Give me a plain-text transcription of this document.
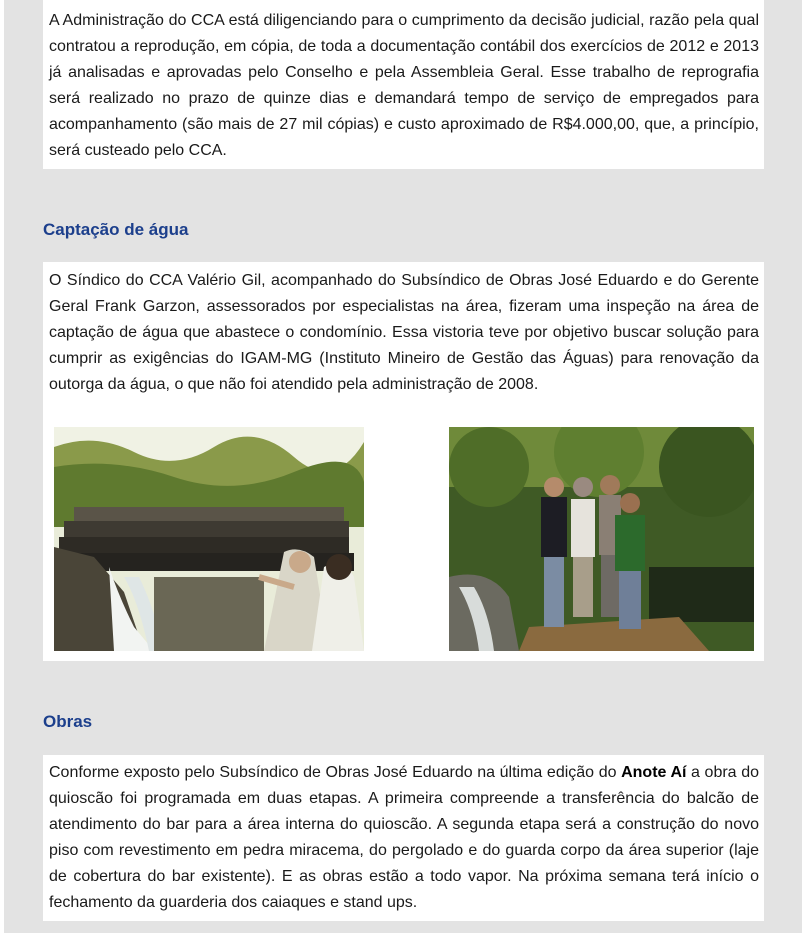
A Administração do CCA está diligenciando para o cumprimento da decisão judicial, razão pela qual contratou a reprodução, em cópia, de toda a documentação contábil dos exercícios de 2012 e 2013 já analisadas e aprovadas pelo Conselho e pela Assembleia Geral. Esse trabalho de reprografia será realizado no prazo de quinze dias e demandará tempo de serviço de empregados para acompanhamento (são mais de 27 mil cópias) e custo aproximado de R$4.000,00, que, a princípio, será custeado pelo CCA.

Captação de água

O Síndico do CCA Valério Gil, acompanhado do Subsíndico de Obras José Eduardo e do Gerente Geral Frank Garzon, assessorados por especialistas na área, fizeram uma inspeção na área de captação de água que abastece o condomínio. Essa vistoria teve por objetivo buscar solução para cumprir as exigências do IGAM-MG (Instituto Mineiro de Gestão das Águas) para renovação da outorga da água, o que não foi atendido pela administração de 2008.

Obras

Conforme exposto pelo Subsíndico de Obras José Eduardo na última edição do Anote Aí a obra do quioscão foi programada em duas etapas. A primeira compreende a transferência do balcão de atendimento do bar para a área interna do quioscão. A segunda etapa será a construção do novo piso com revestimento em pedra miracema, do pergolado e do guarda corpo da área superior (laje de cobertura do bar existente). E as obras estão a todo vapor. Na próxima semana terá início o fechamento da guarderia dos caiaques e stand ups.
